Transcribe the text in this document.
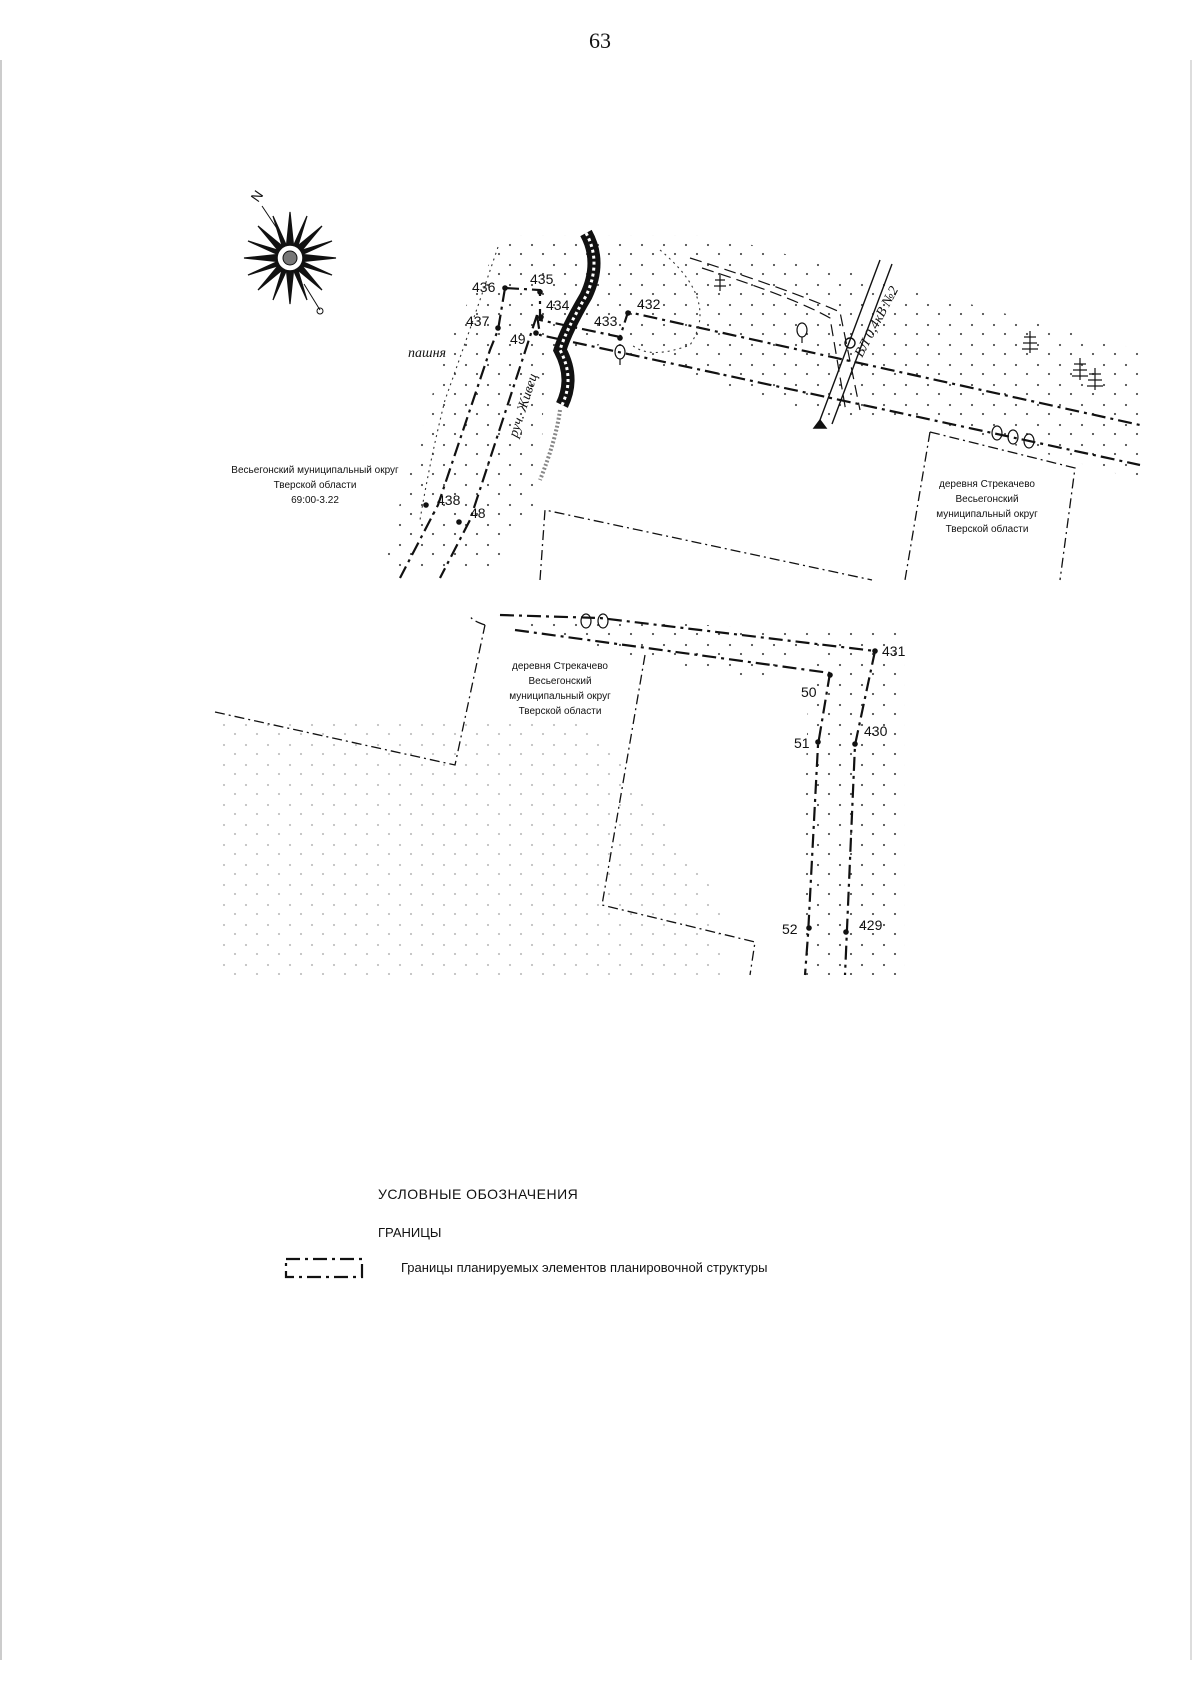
63
N
436 435
434
437
432
433
49
438
48
431
50
51
430
52	429
пашня
руч. Живец
ВЛ 0,4кВ №2
Весьегонский муниципальный округ
Тверской области
69:00-3.22
деревня Стрекачево
Весьегонский
муниципальный округ
Тверской области
деревня Стрекачево
Весьегонский
муниципальный округ
Тверской области
УСЛОВНЫЕ ОБОЗНАЧЕНИЯ
ГРАНИЦЫ
Границы планируемых элементов планировочной структуры
